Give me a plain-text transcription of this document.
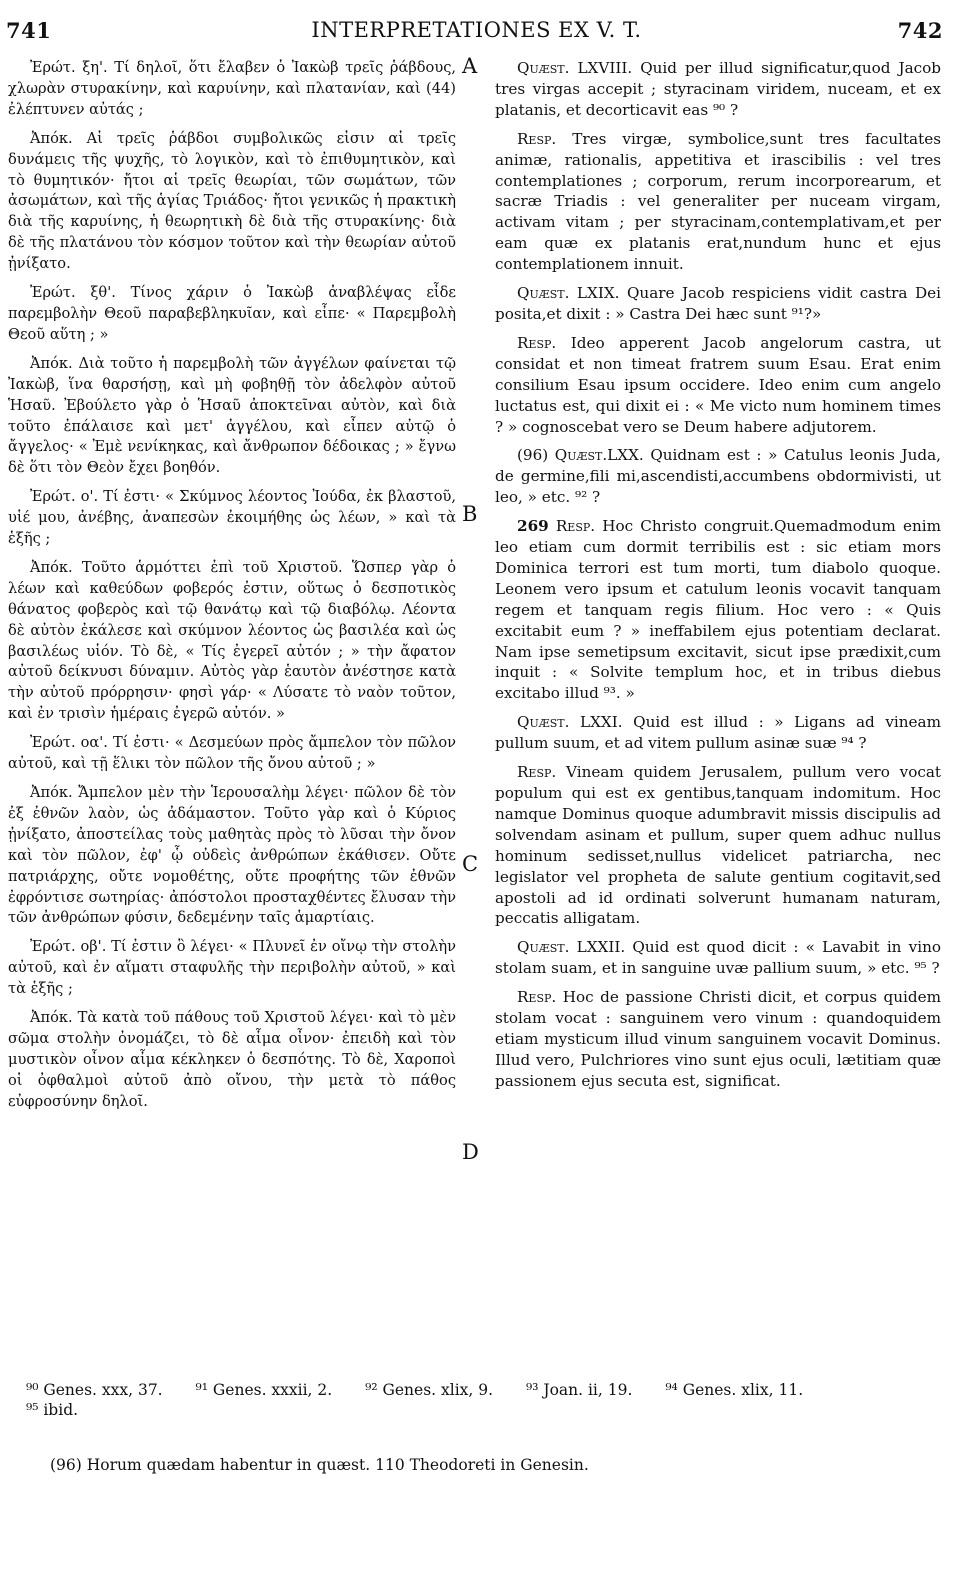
741	INTERPRETATIONES EX V. T.	742
A
B
C
D

Ἐρώτ. ξη'. Τί δηλοῖ, ὅτι ἔλαβεν ὁ Ἰακὼβ τρεῖς ῥάβδους, χλωρὰν στυρακίνην, καὶ καρυίνην, καὶ πλατανίαν, καὶ (44) ἐλέπτυνεν αὐτάς ;

Ἀπόκ. Αἱ τρεῖς ῥάβδοι συμβολικῶς εἰσιν αἱ τρεῖς δυνάμεις τῆς ψυχῆς, τὸ λογικὸν, καὶ τὸ ἐπιθυμητικὸν, καὶ τὸ θυμητικόν· ἤτοι αἱ τρεῖς θεωρίαι, τῶν σωμάτων, τῶν ἀσωμάτων, καὶ τῆς ἁγίας Τριάδος· ἤτοι γενικῶς ἡ πρακτικὴ διὰ τῆς καρυίνης, ἡ θεωρητικὴ δὲ διὰ τῆς στυρακίνης· διὰ δὲ τῆς πλατάνου τὸν κόσμον τοῦτον καὶ τὴν θεωρίαν αὐτοῦ ᾐνίξατο.

Ἐρώτ. ξθ'. Τίνος χάριν ὁ Ἰακὼβ ἀναβλέψας εἶδε παρεμβολὴν Θεοῦ παραβεβληκυῖαν, καὶ εἶπε· « Παρεμβολὴ Θεοῦ αὕτη ; »

Ἀπόκ. Διὰ τοῦτο ἡ παρεμβολὴ τῶν ἀγγέλων φαίνεται τῷ Ἰακὼβ, ἵνα θαρσήσῃ, καὶ μὴ φοβηθῇ τὸν ἀδελφὸν αὐτοῦ Ἡσαῦ. Ἐβούλετο γὰρ ὁ Ἡσαῦ ἀποκτεῖναι αὐτὸν, καὶ διὰ τοῦτο ἐπάλαισε καὶ μετ' ἀγγέλου, καὶ εἶπεν αὐτῷ ὁ ἄγγελος· « Ἐμὲ νενίκηκας, καὶ ἄνθρωπον δέδοικας ; » ἔγνω δὲ ὅτι τὸν Θεὸν ἔχει βοηθόν.

Ἐρώτ. ο'. Τί ἐστι· « Σκύμνος λέοντος Ἰούδα, ἐκ βλαστοῦ, υἱέ μου, ἀνέβης, ἀναπεσὼν ἐκοιμήθης ὡς λέων, » καὶ τὰ ἑξῆς ;

Ἀπόκ. Τοῦτο ἁρμόττει ἐπὶ τοῦ Χριστοῦ. Ὥσπερ γὰρ ὁ λέων καὶ καθεύδων φοβερός ἐστιν, οὕτως ὁ δεσποτικὸς θάνατος φοβερὸς καὶ τῷ θανάτῳ καὶ τῷ διαβόλῳ. Λέοντα δὲ αὐτὸν ἐκάλεσε καὶ σκύμνον λέοντος ὡς βασιλέα καὶ ὡς βασιλέως υἱόν. Τὸ δὲ, « Τίς ἐγερεῖ αὐτόν ; » τὴν ἄφατον αὐτοῦ δείκνυσι δύναμιν. Αὐτὸς γὰρ ἑαυτὸν ἀνέστησε κατὰ τὴν αὐτοῦ πρόρρησιν· φησὶ γάρ· « Λύσατε τὸ ναὸν τοῦτον, καὶ ἐν τρισὶν ἡμέραις ἐγερῶ αὐτόν. »

Ἐρώτ. οα'. Τί ἐστι· « Δεσμεύων πρὸς ἄμπελον τὸν πῶλον αὐτοῦ, καὶ τῇ ἕλικι τὸν πῶλον τῆς ὄνου αὐτοῦ ; »

Ἀπόκ. Ἄμπελον μὲν τὴν Ἱερουσαλὴμ λέγει· πῶλον δὲ τὸν ἐξ ἐθνῶν λαὸν, ὡς ἀδάμαστον. Τοῦτο γὰρ καὶ ὁ Κύριος ᾐνίξατο, ἀποστείλας τοὺς μαθητὰς πρὸς τὸ λῦσαι τὴν ὄνον καὶ τὸν πῶλον, ἐφ' ᾧ οὐδεὶς ἀνθρώπων ἐκάθισεν. Οὔτε πατριάρχης, οὔτε νομοθέτης, οὔτε προφήτης τῶν ἐθνῶν ἐφρόντισε σωτηρίας· ἀπόστολοι προσταχθέντες ἔλυσαν τὴν τῶν ἀνθρώπων φύσιν, δεδεμένην ταῖς ἁμαρτίαις.

Ἐρώτ. οβ'. Τί ἐστιν ὃ λέγει· « Πλυνεῖ ἐν οἴνῳ τὴν στολὴν αὐτοῦ, καὶ ἐν αἵματι σταφυλῆς τὴν περιβολὴν αὐτοῦ, » καὶ τὰ ἑξῆς ;

Ἀπόκ. Τὰ κατὰ τοῦ πάθους τοῦ Χριστοῦ λέγει· καὶ τὸ μὲν σῶμα στολὴν ὀνομάζει, τὸ δὲ αἷμα οἶνον· ἐπειδὴ καὶ τὸν μυστικὸν οἶνον αἷμα κέκληκεν ὁ δεσπότης. Τὸ δὲ, Χαροποὶ οἱ ὀφθαλμοὶ αὐτοῦ ἀπὸ οἴνου, τὴν μετὰ τὸ πάθος εὐφροσύνην δηλοῖ.

Quæst. LXVIII. Quid per illud significatur,quod Jacob tres virgas accepit ; styracinam viridem, nuceam, et ex platanis, et decorticavit eas ⁹⁰ ?

Resp. Tres virgæ, symbolice,sunt tres facultates animæ, rationalis, appetitiva et irascibilis : vel tres contemplationes ; corporum, rerum incorporearum, et sacræ Triadis : vel generaliter per nuceam virgam, activam vitam ; per styracinam,contemplativam,et per eam quæ ex platanis erat,nundum hunc et ejus contemplationem innuit.

Quæst. LXIX. Quare Jacob respiciens vidit castra Dei posita,et dixit : » Castra Dei hæc sunt ⁹¹?»

Resp. Ideo apperent Jacob angelorum castra, ut considat et non timeat fratrem suum Esau. Erat enim consilium Esau ipsum occidere. Ideo enim cum angelo luctatus est, qui dixit ei : « Me victo num hominem times ? » cognoscebat vero se Deum habere adjutorem.

(96) Quæst.LXX. Quidnam est : » Catulus leonis Juda, de germine,fili mi,ascendisti,accumbens obdormivisti, ut leo, » etc. ⁹² ?

269 Resp. Hoc Christo congruit.Quemadmodum enim leo etiam cum dormit terribilis est : sic etiam mors Dominica terrori est tum morti, tum diabolo quoque. Leonem vero ipsum et catulum leonis vocavit tanquam regem et tanquam regis filium. Hoc vero : « Quis excitabit eum ? » ineffabilem ejus potentiam declarat. Nam ipse semetipsum excitavit, sicut ipse prædixit,cum inquit : « Solvite templum hoc, et in tribus diebus excitabo illud ⁹³. »

Quæst. LXXI. Quid est illud : » Ligans ad vineam pullum suum, et ad vitem pullum asinæ suæ ⁹⁴ ?

Resp. Vineam quidem Jerusalem, pullum vero vocat populum qui est ex gentibus,tanquam indomitum. Hoc namque Dominus quoque adumbravit missis discipulis ad solvendam asinam et pullum, super quem adhuc nullus hominum sedisset,nullus videlicet patriarcha, nec legislator vel propheta de salute gentium cogitavit,sed apostoli ad id ordinati solverunt humanam naturam, peccatis alligatam.

Quæst. LXXII. Quid est quod dicit : « Lavabit in vino stolam suam, et in sanguine uvæ pallium suum, » etc. ⁹⁵ ?

Resp. Hoc de passione Christi dicit, et corpus quidem stolam vocat : sanguinem vero vinum : quandoquidem etiam mysticum illud vinum sanguinem vocavit Dominus. Illud vero, Pulchriores vino sunt ejus oculi, lætitiam quæ passionem ejus secuta est, significat.

⁹⁰ Genes. xxx, 37. ⁹¹ Genes. xxxii, 2. ⁹² Genes. xlix, 9. ⁹³ Joan. ii, 19. ⁹⁴ Genes. xlix, 11.
⁹⁵ ibid.
(96) Horum quædam habentur in quæst. 110 Theodoreti in Genesin.
